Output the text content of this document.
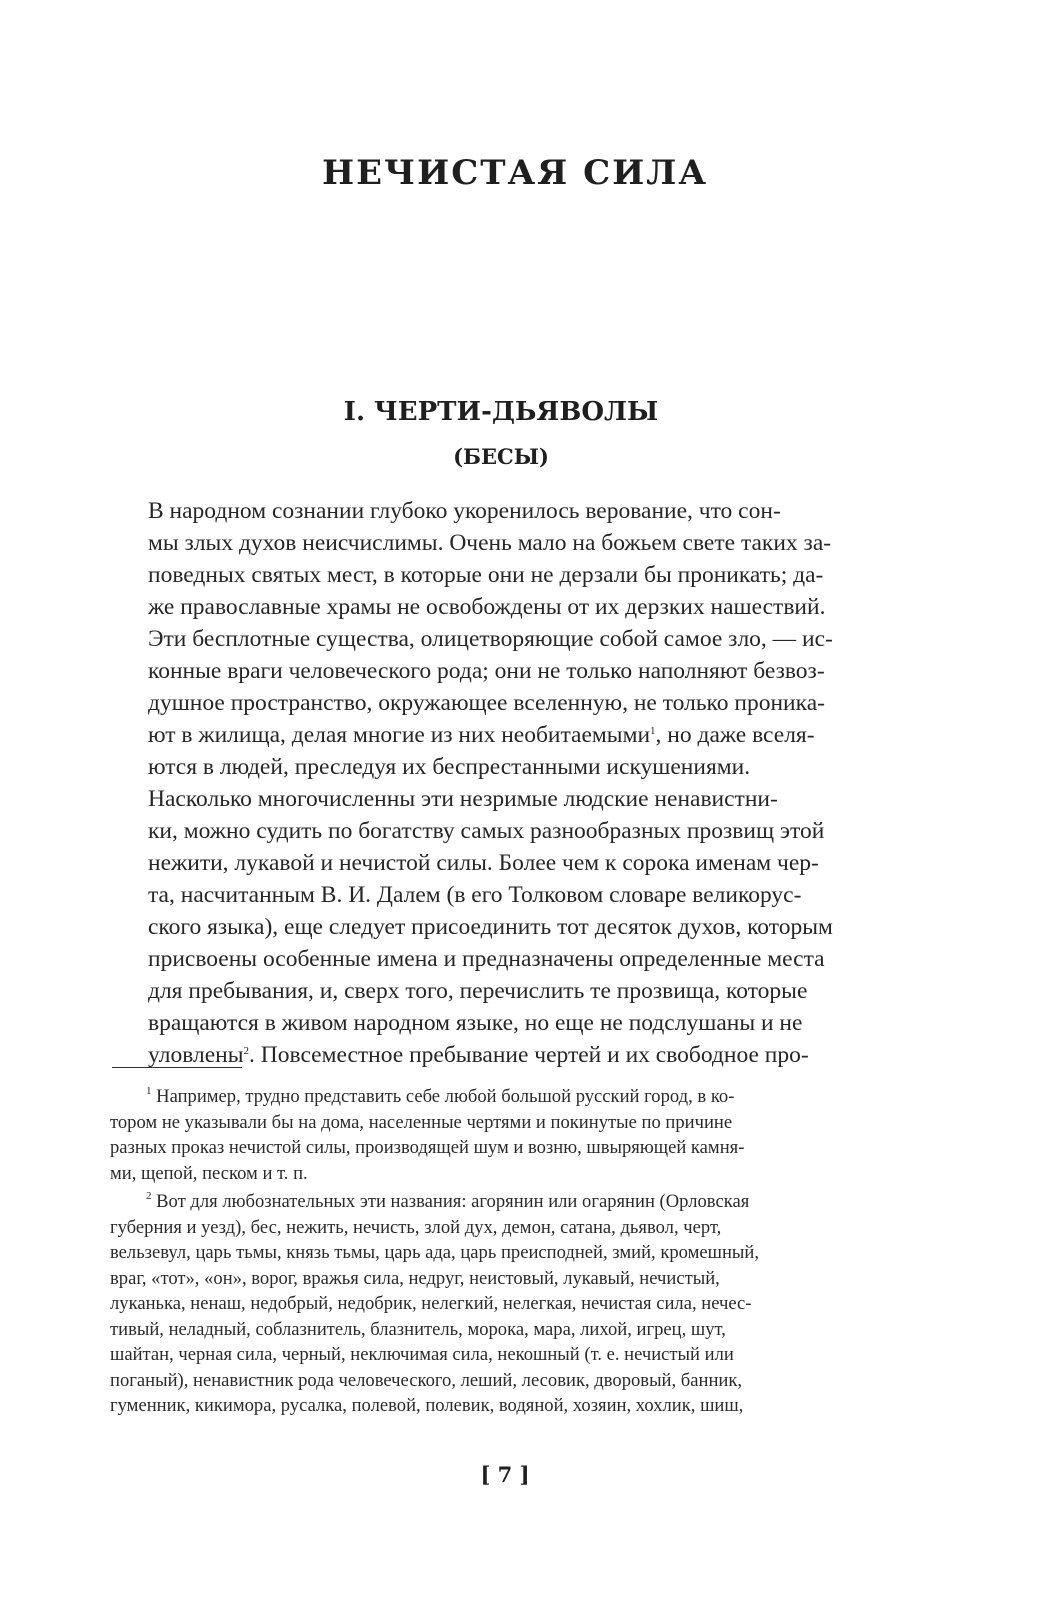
НЕЧИСТАЯ СИЛА
I. ЧЕРТИ-ДЬЯВОЛЫ
(БЕСЫ)

В народном сознании глубоко укоренилось верование, что сон-
мы злых духов неисчислимы. Очень мало на божьем свете таких за-
поведных святых мест, в которые они не дерзали бы проникать; да-
же православные храмы не освобождены от их дерзких нашествий.
Эти бесплотные существа, олицетворяющие собой самое зло, — ис-
конные враги человеческого рода; они не только наполняют безвоз-
душное пространство, окружающее вселенную, не только проника-
ют в жилища, делая многие из них необитаемыми$^1$, но даже вселя-
ются в людей, преследуя их беспрестанными искушениями.

Насколько многочисленны эти незримые людские ненавистни-
ки, можно судить по богатству самых разнообразных прозвищ этой
нежити, лукавой и нечистой силы. Более чем к сорока именам чер-
та, насчитанным В. И. Далем (в его Толковом словаре великорус-
ского языка), еще следует присоединить тот десяток духов, которым
присвоены особенные имена и предназначены определенные места
для пребывания, и, сверх того, перечислить те прозвища, которые
вращаются в живом народном языке, но еще не подслушаны и не
уловлены$^2$. Повсеместное пребывание чертей и их свободное про-

$^1$ Например, трудно представить себе любой большой русский город, в ко-
тором не указывали бы на дома, населенные чертями и покинутые по причине
разных проказ нечистой силы, производящей шум и возню, швыряющей камня-
ми, щепой, песком и т. п.

$^2$ Вот для любознательных эти названия: агорянин или огарянин (Орловская
губерния и уезд), бес, нежить, нечисть, злой дух, демон, сатана, дьявол, черт,
вельзевул, царь тьмы, князь тьмы, царь ада, царь преисподней, змий, кромешный,
враг, «тот», «он», ворог, вражья сила, недруг, неистовый, лукавый, нечистый,
луканька, ненаш, недобрый, недобрик, нелегкий, нелегкая, нечистая сила, нечес-
тивый, неладный, соблазнитель, блазнитель, морока, мара, лихой, игрец, шут,
шайтан, черная сила, черный, неключимая сила, некошный (т. е. нечистый или
поганый), ненавистник рода человеческого, леший, лесовик, дворовый, банник,
гуменник, кикимора, русалка, полевой, полевик, водяной, хозяин, хохлик, шиш,

[ 7 ]
